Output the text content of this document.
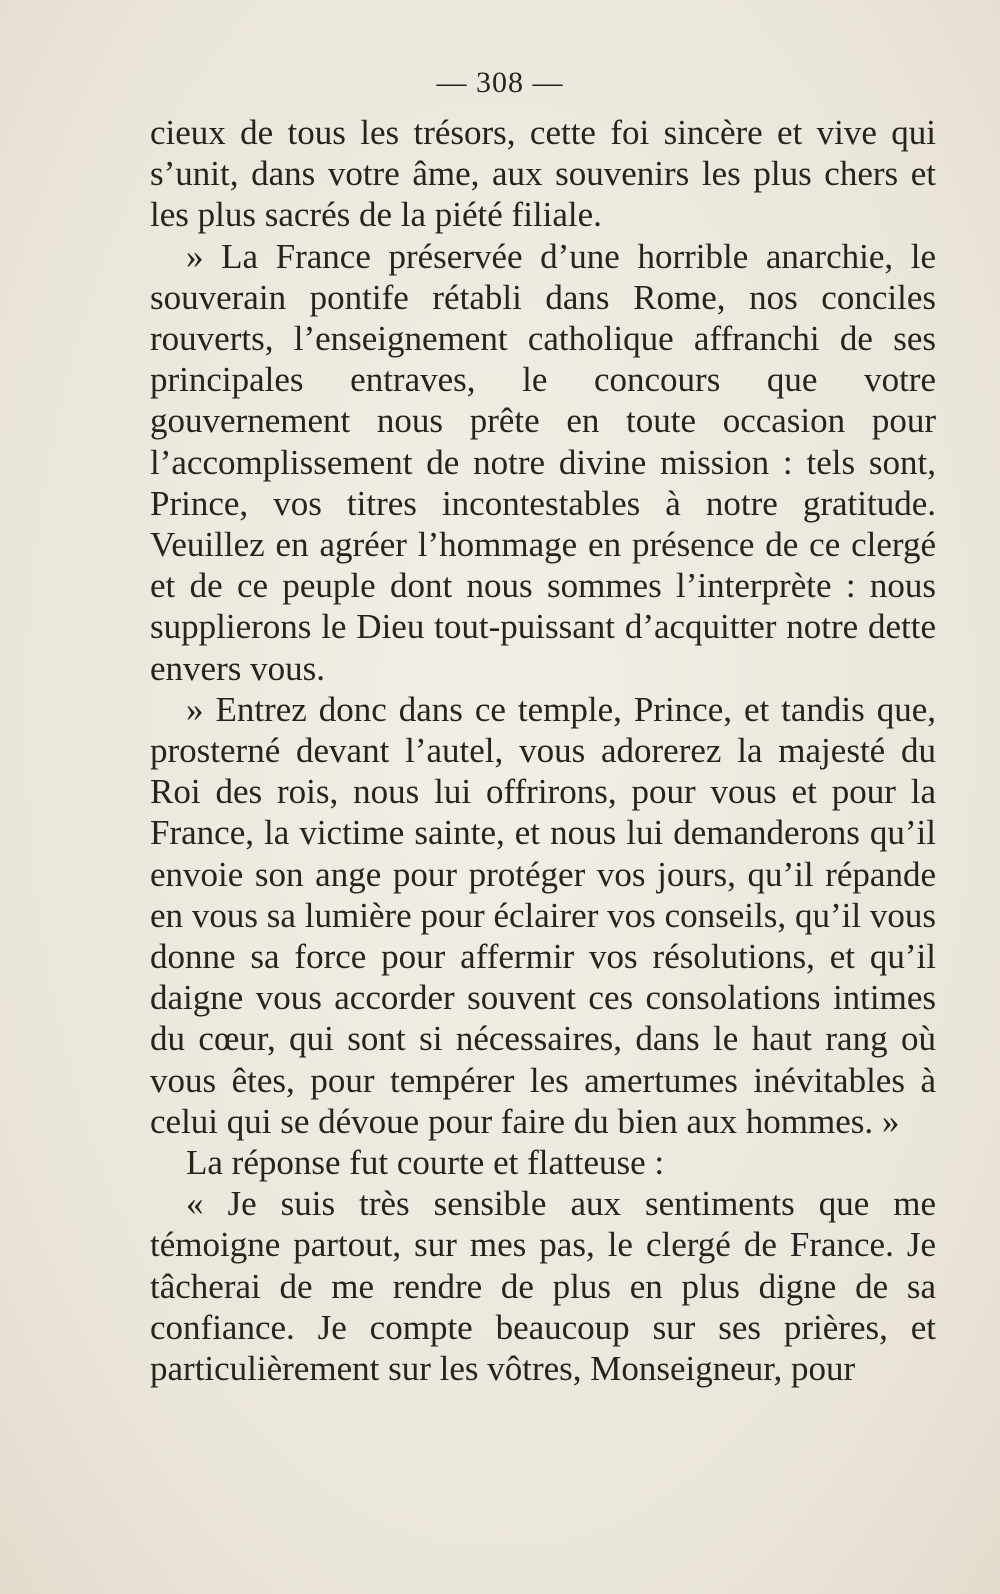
— 308 —

cieux de tous les trésors, cette foi sincère et vive qui s’unit, dans votre âme, aux souvenirs les plus chers et les plus sacrés de la piété filiale.

» La France préservée d’une horrible anarchie, le souverain pontife rétabli dans Rome, nos conciles rouverts, l’enseignement catholique affranchi de ses principales entraves, le concours que votre gouvernement nous prête en toute occasion pour l’accomplissement de notre divine mission : tels sont, Prince, vos titres incontestables à notre gratitude. Veuillez en agréer l’hommage en présence de ce clergé et de ce peuple dont nous sommes l’interprète : nous supplierons le Dieu tout-puissant d’acquitter notre dette envers vous.

» Entrez donc dans ce temple, Prince, et tandis que, prosterné devant l’autel, vous adorerez la majesté du Roi des rois, nous lui offrirons, pour vous et pour la France, la victime sainte, et nous lui demanderons qu’il envoie son ange pour protéger vos jours, qu’il répande en vous sa lumière pour éclairer vos conseils, qu’il vous donne sa force pour affermir vos résolutions, et qu’il daigne vous accorder souvent ces consolations intimes du cœur, qui sont si nécessaires, dans le haut rang où vous êtes, pour tempérer les amertumes inévitables à celui qui se dévoue pour faire du bien aux hommes. »

La réponse fut courte et flatteuse :

« Je suis très sensible aux sentiments que me témoigne partout, sur mes pas, le clergé de France. Je tâcherai de me rendre de plus en plus digne de sa confiance. Je compte beaucoup sur ses prières, et particulièrement sur les vôtres, Monseigneur, pour
